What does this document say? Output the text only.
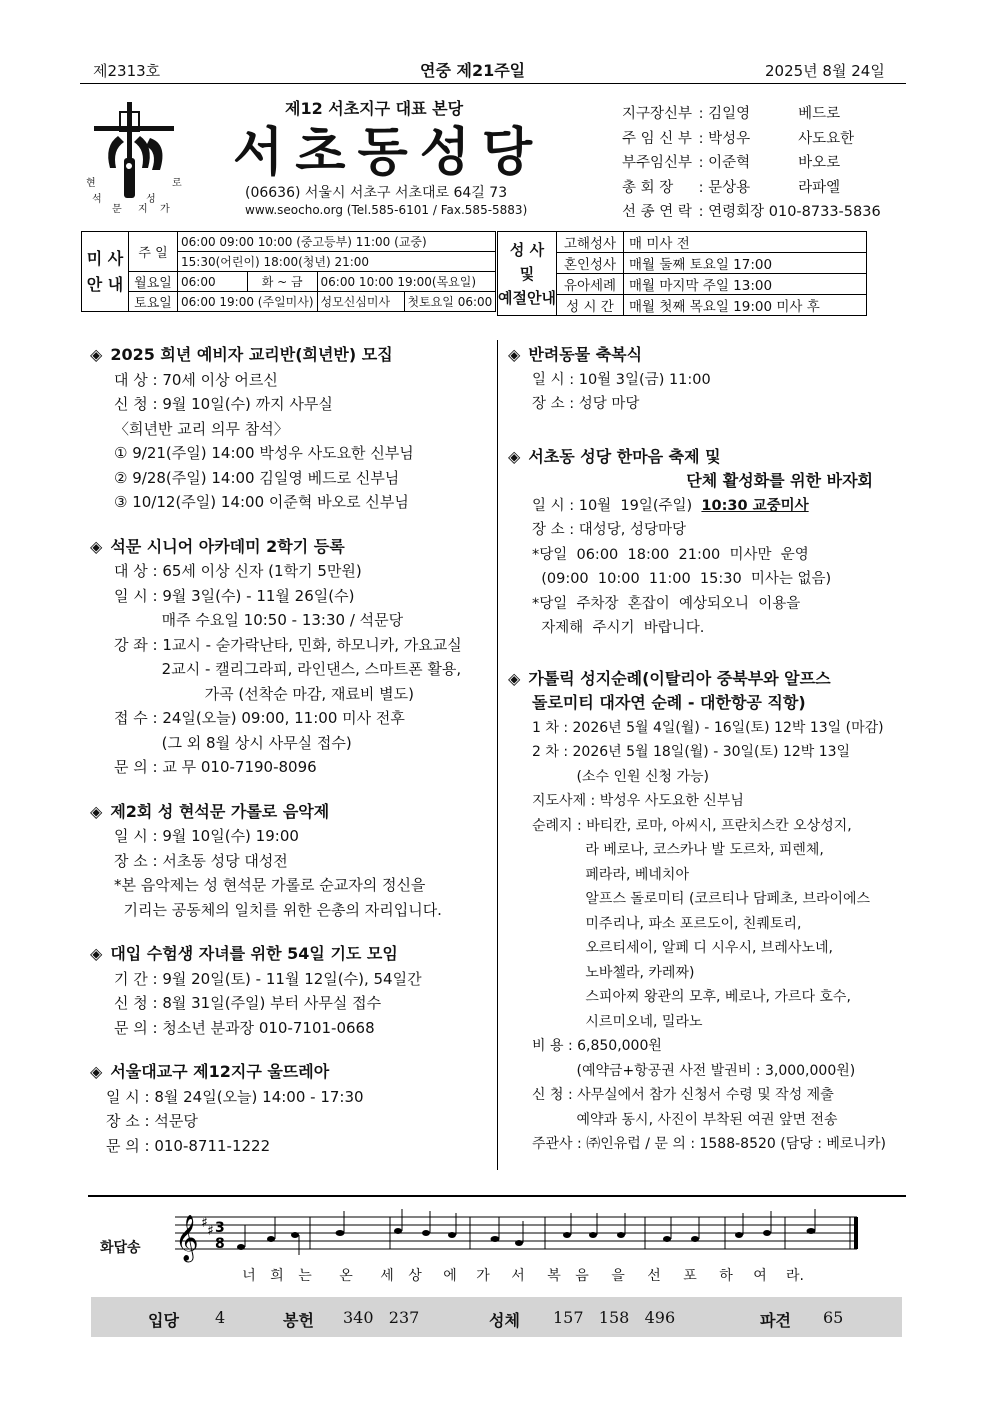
제2313호	연중 제21주일	2025년 8월 24일
현
석
문
로
가
성
지
제12 서초지구 대표 본당
서초동성당
(06636) 서울시 서초구 서초대로 64길 73
www.seocho.org (Tel.585-6101 / Fax.585-5883)
지구장신부 : 김일영	베드로
주 임 신 부 : 박성우	사도요한
부주임신부 : 이준혁	바오로
총 회 장 : 문상용	라파엘
선 종 연 락 : 연령회장 010-8733-5836
미 사
안 내	주 일	06:00 09:00 10:00 (중고등부) 11:00 (교중)			
		15:30(어린이) 18:00(청년) 21:00			
	월요일	06:00	화 ~ 금	06:00 10:00 19:00(목요일)	
	토요일	06:00 19:00 (주일미사)		성모신심미사	첫토요일 06:00
성 사
및
예절안내	고해성사	매 미사 전
	혼인성사	매월 둘째 토요일 17:00
	유아세례	매월 마지막 주일 13:00
	성 시 간	매월 첫째 목요일 19:00 미사 후
◈ 2025 희년 예비자 교리반(희년반) 모집
대 상 : 70세 이상 어르신
신 청 : 9월 10일(수) 까지 사무실
〈희년반 교리 의무 참석〉
① 9/21(주일) 14:00 박성우 사도요한 신부님
② 9/28(주일) 14:00 김일영 베드로 신부님
③ 10/12(주일) 14:00 이준혁 바오로 신부님
◈ 석문 시니어 아카데미 2학기 등록
대 상 : 65세 이상 신자 (1학기 5만원)
일 시 : 9월 3일(수) - 11월 26일(수)
매주 수요일 10:50 - 13:30 / 석문당
강 좌 : 1교시 - 숟가락난타, 민화, 하모니카, 가요교실
2교시 - 캘리그라피, 라인댄스, 스마트폰 활용,
가곡 (선착순 마감, 재료비 별도)
접 수 : 24일(오늘) 09:00, 11:00 미사 전후
(그 외 8월 상시 사무실 접수)
문 의 : 교 무 010-7190-8096
◈ 제2회 성 현석문 가롤로 음악제
일 시 : 9월 10일(수) 19:00
장 소 : 서초동 성당 대성전
*본 음악제는 성 현석문 가롤로 순교자의 정신을
기리는 공동체의 일치를 위한 은총의 자리입니다.
◈ 대입 수험생 자녀를 위한 54일 기도 모임
기 간 : 9월 20일(토) - 11월 12일(수), 54일간
신 청 : 8월 31일(주일) 부터 사무실 접수
문 의 : 청소년 분과장 010-7101-0668
◈ 서울대교구 제12지구 울뜨레아
일 시 : 8월 24일(오늘) 14:00 - 17:30
장 소 : 석문당
문 의 : 010-8711-1222
◈ 반려동물 축복식
일 시 : 10월 3일(금) 11:00
장 소 : 성당 마당
◈ 서초동 성당 한마음 축제 및
단체 활성화를 위한 바자회
일 시 : 10월  19일(주일)  10:30 교중미사
장 소 : 대성당, 성당마당
*당일  06:00  18:00  21:00  미사만  운영
(09:00  10:00  11:00  15:30  미사는 없음)
*당일  주차장  혼잡이  예상되오니  이용을
자제해  주시기  바랍니다.
◈ 가톨릭 성지순례(이탈리아 중북부와 알프스
돌로미티 대자연 순례 - 대한항공 직항)
1 차 : 2026년 5월 4일(월) - 16일(토) 12박 13일 (마감)
2 차 : 2026년 5월 18일(월) - 30일(토) 12박 13일
(소수 인원 신청 가능)
지도사제 : 박성우 사도요한 신부님
순례지 : 바티칸, 로마, 아씨시, 프란치스칸 오상성지,
라 베로나, 코스카나 발 도르차, 피렌체,
페라라, 베네치아
알프스 돌로미티 (코르티나 담페초, 브라이에스
미주리나, 파소 포르도이, 친퀘토리,
오르티세이, 알페 디 시우시, 브레사노네,
노바첼라, 카레짜)
스피아찌 왕관의 모후, 베로나, 가르다 호수,
시르미오네, 밀라노
비 용 : 6,850,000원
(예약금+항공권 사전 발권비 : 3,000,000원)
신 청 : 사무실에서 참가 신청서 수령 및 작성 제출
예약과 동시, 사진이 부착된 여권 앞면 전송
주관사 : ㈜인유럽 / 문 의 : 1588-8520 (담당 : 베로니카)
화답송 𝄞 ♯ ♯ 3
8
너 희 는 온 세 상 에 가 서 복 음 을 선 포 하 여 라.
입당 4	봉헌 340   237	성체 157   158   496	파견 65
